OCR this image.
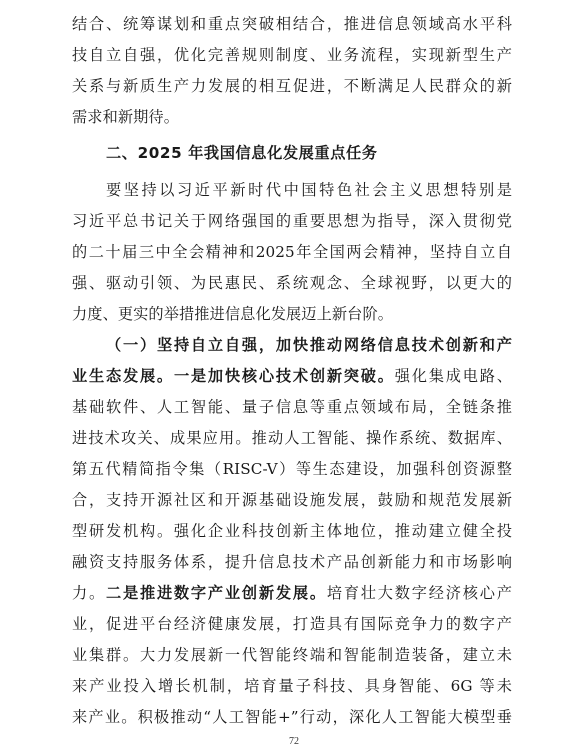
结合、统筹谋划和重点突破相结合，推进信息领域高水平科
技自立自强，优化完善规则制度、业务流程，实现新型生产
关系与新质生产力发展的相互促进，不断满足人民群众的新
需求和新期待。
二、2025 年我国信息化发展重点任务
要坚持以习近平新时代中国特色社会主义思想特别是
习近平总书记关于网络强国的重要思想为指导，深入贯彻党
的二十届三中全会精神和2025年全国两会精神，坚持自立自
强、驱动引领、为民惠民、系统观念、全球视野，以更大的
力度、更实的举措推进信息化发展迈上新台阶。
（一）坚持自立自强，加快推动网络信息技术创新和产
业生态发展。一是加快核心技术创新突破。强化集成电路、
基础软件、人工智能、量子信息等重点领域布局，全链条推
进技术攻关、成果应用。推动人工智能、操作系统、数据库、
第五代精简指令集（RISC-V）等生态建设，加强科创资源整
合，支持开源社区和开源基础设施发展，鼓励和规范发展新
型研发机构。强化企业科技创新主体地位，推动建立健全投
融资支持服务体系，提升信息技术产品创新能力和市场影响
力。二是推进数字产业创新发展。培育壮大数字经济核心产
业，促进平台经济健康发展，打造具有国际竞争力的数字产
业集群。大力发展新一代智能终端和智能制造装备，建立未
来产业投入增长机制，培育量子科技、具身智能、6G 等未
来产业。积极推动“人工智能+”行动，深化人工智能大模型垂
72
